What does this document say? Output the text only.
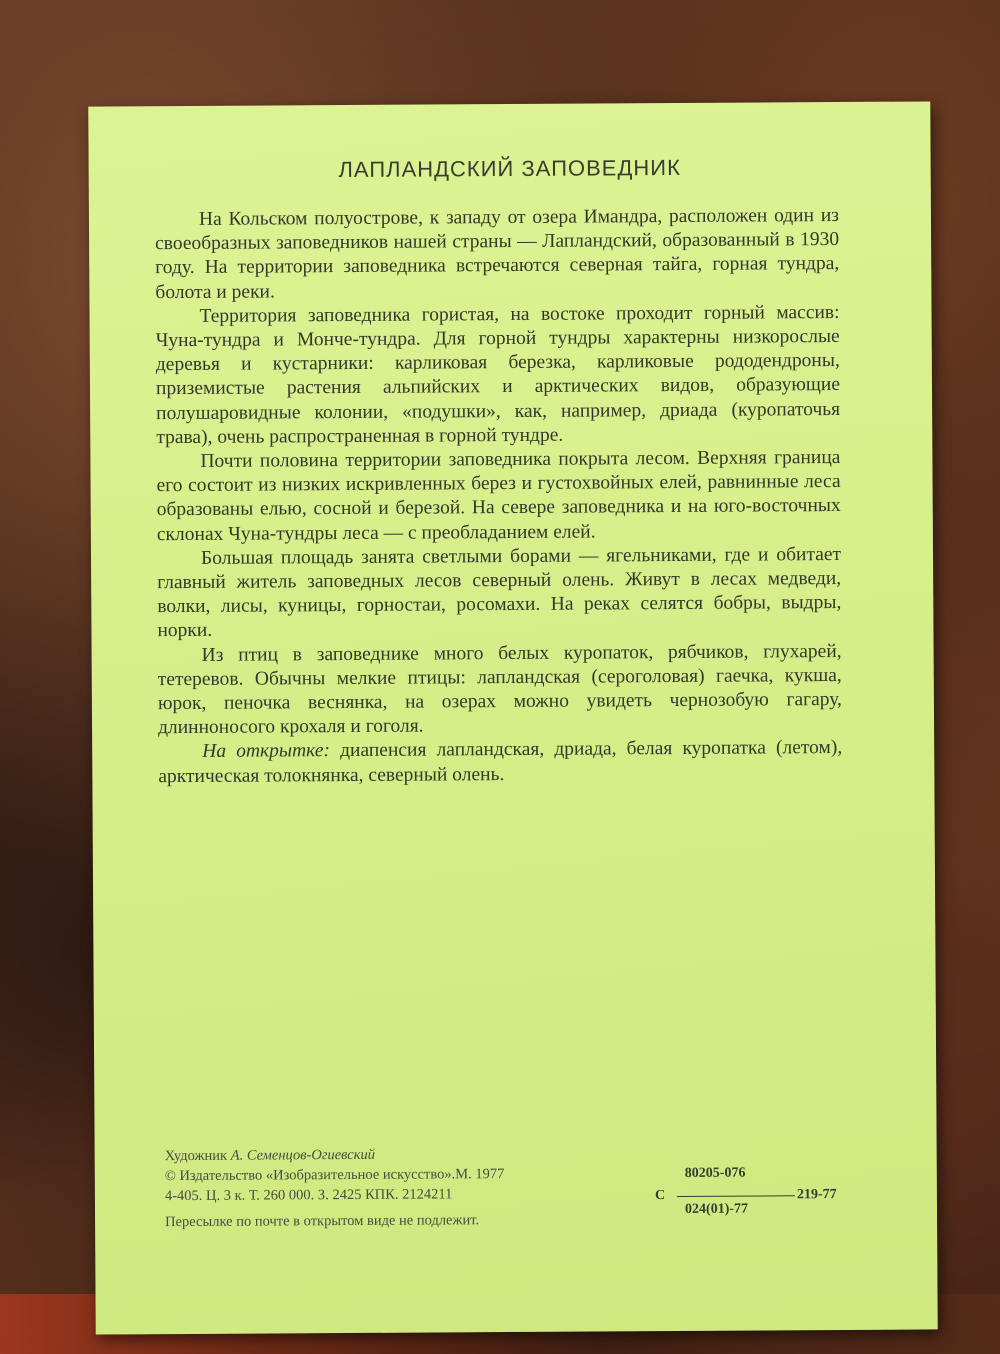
ЛАПЛАНДСКИЙ ЗАПОВЕДНИК

На Кольском полуострове, к западу от озера Имандра, расположен один из своеобразных заповедников нашей страны — Лапландский, образованный в 1930 году. На территории заповедника встречаются северная тайга, горная тундра, болота и реки.

Территория заповедника гористая, на востоке проходит горный массив: Чуна-тундра и Монче-тундра. Для горной тундры характерны низкорослые деревья и кустарники: карликовая березка, карликовые рододендроны, приземистые растения альпийских и арктических видов, образующие полушаровидные колонии, «подушки», как, например, дриада (куропаточья трава), очень распространенная в горной тундре.

Почти половина территории заповедника покрыта лесом. Верхняя граница его состоит из низких искривленных берез и густохвойных елей, равнинные леса образованы елью, сосной и березой. На севере заповедника и на юго-восточных склонах Чуна-тундры леса — с преобладанием елей.

Большая площадь занята светлыми борами — ягельниками, где и обитает главный житель заповедных лесов северный олень. Живут в лесах медведи, волки, лисы, куницы, горностаи, росомахи. На реках селятся бобры, выдры, норки.

Из птиц в заповеднике много белых куропаток, рябчиков, глухарей, тетеревов. Обычны мелкие птицы: лапландская (сероголовая) гаечка, кукша, юрок, пеночка веснянка, на озерах можно увидеть чернозобую гагару, длинноносого крохаля и гоголя.

На открытке: диапенсия лапландская, дриада, белая куропатка (летом), арктическая толокнянка, северный олень.

Художник А. Семенцов-Огиевский
© Издательство «Изобразительное искусство».М. 1977
4-405. Ц. 3 к. Т. 260 000. З. 2425 КПК. 2124211
Пересылке по почте в открытом виде не подлежит.
С
80205-076
024(01)-77
219-77
